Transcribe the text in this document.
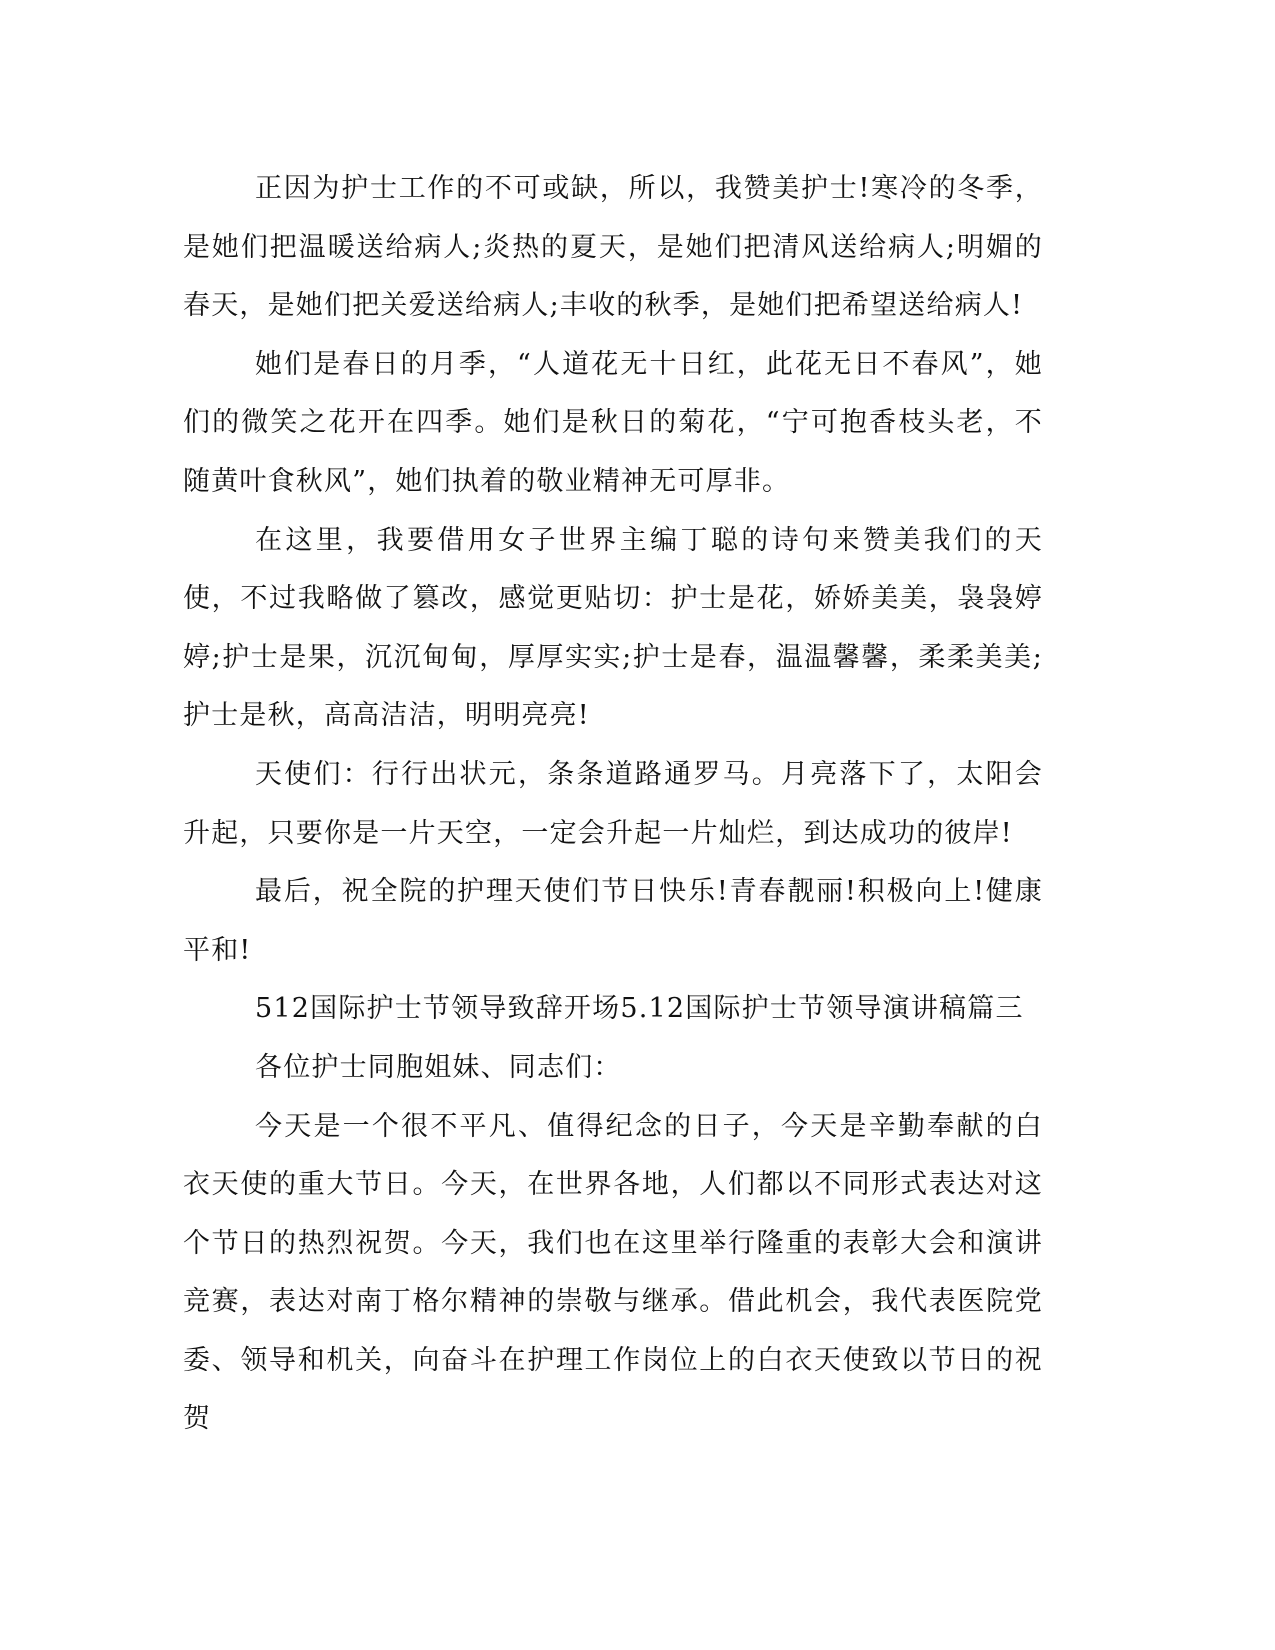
正因为护士工作的不可或缺，所以，我赞美护士!寒冷的冬季，是她们把温暖送给病人;炎热的夏天，是她们把清风送给病人;明媚的春天，是她们把关爱送给病人;丰收的秋季，是她们把希望送给病人!

她们是春日的月季，“人道花无十日红，此花无日不春风”，她们的微笑之花开在四季。她们是秋日的菊花，“宁可抱香枝头老，不随黄叶食秋风”，她们执着的敬业精神无可厚非。

在这里，我要借用女子世界主编丁聪的诗句来赞美我们的天使，不过我略做了篡改，感觉更贴切：护士是花，娇娇美美，袅袅婷婷;护士是果，沉沉甸甸，厚厚实实;护士是春，温温馨馨，柔柔美美;护士是秋，高高洁洁，明明亮亮!

天使们：行行出状元，条条道路通罗马。月亮落下了，太阳会升起，只要你是一片天空，一定会升起一片灿烂，到达成功的彼岸!

最后，祝全院的护理天使们节日快乐!青春靓丽!积极向上!健康平和!

512国际护士节领导致辞开场5.12国际护士节领导演讲稿篇三

各位护士同胞姐妹、同志们：

今天是一个很不平凡、值得纪念的日子，今天是辛勤奉献的白衣天使的重大节日。今天，在世界各地，人们都以不同形式表达对这个节日的热烈祝贺。今天，我们也在这里举行隆重的表彰大会和演讲竞赛，表达对南丁格尔精神的崇敬与继承。借此机会，我代表医院党委、领导和机关，向奋斗在护理工作岗位上的白衣天使致以节日的祝贺
